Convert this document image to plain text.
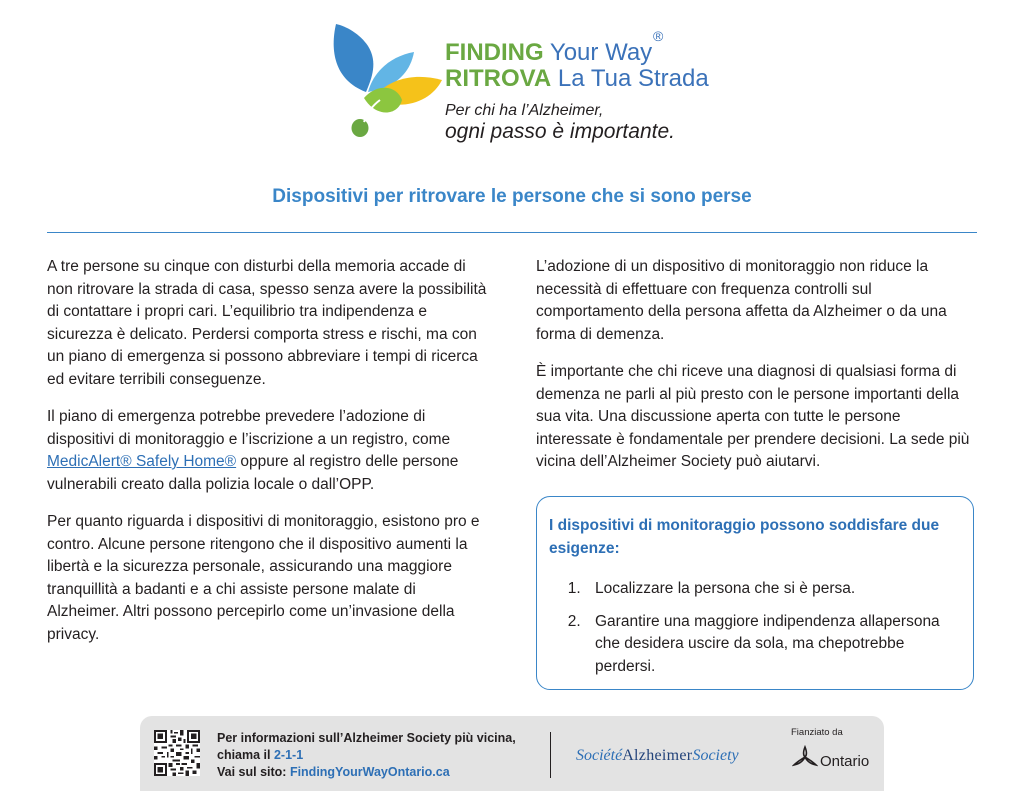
FINDING Your Way
®
RITROVA La Tua Strada
Per chi ha l’Alzheimer,
ogni passo è importante.
Dispositivi per ritrovare le persone che si sono perse

A tre persone su cinque con disturbi della memoria accade di non ritrovare la strada di casa, spesso senza avere la possibilità di contattare i propri cari. L’equilibrio tra indipendenza e sicurezza è delicato. Perdersi comporta stress e rischi, ma con un piano di emergenza si possono abbreviare i tempi di ricerca ed evitare terribili conseguenze.

Il piano di emergenza potrebbe prevedere l’adozione di dispositivi di monitoraggio e l’iscrizione a un registro, come MedicAlert® Safely Home® oppure al registro delle persone vulnerabili creato dalla polizia locale o dall’OPP.

Per quanto riguarda i dispositivi di monitoraggio, esistono pro e contro. Alcune persone ritengono che il dispositivo aumenti la libertà e la sicurezza personale, assicurando una maggiore tranquillità a badanti e a chi assiste persone malate di Alzheimer. Altri possono percepirlo come un’invasione della privacy.

L’adozione di un dispositivo di monitoraggio non riduce la necessità di effettuare con frequenza controlli sul comportamento della persona affetta da Alzheimer o da una forma di demenza.

È importante che chi riceve una diagnosi di qualsiasi forma di demenza ne parli al più presto con le persone importanti della sua vita. Una discussione aperta con tutte le persone interessate è fondamentale per prendere decisioni. La sede più vicina dell’Alzheimer Society può aiutarvi.

I dispositivi di monitoraggio possono soddisfare due esigenze:
1. Localizzare la persona che si è persa.
2. Garantire una maggiore indipendenza allapersona che desidera uscire da sola, ma chepotrebbe perdersi.
Per informazioni sull’Alzheimer Society più vicina,
chiama il 2-1-1
Vai sul sito: FindingYourWayOntario.ca
SociétéAlzheimerSociety
Fianziato da
Ontario
